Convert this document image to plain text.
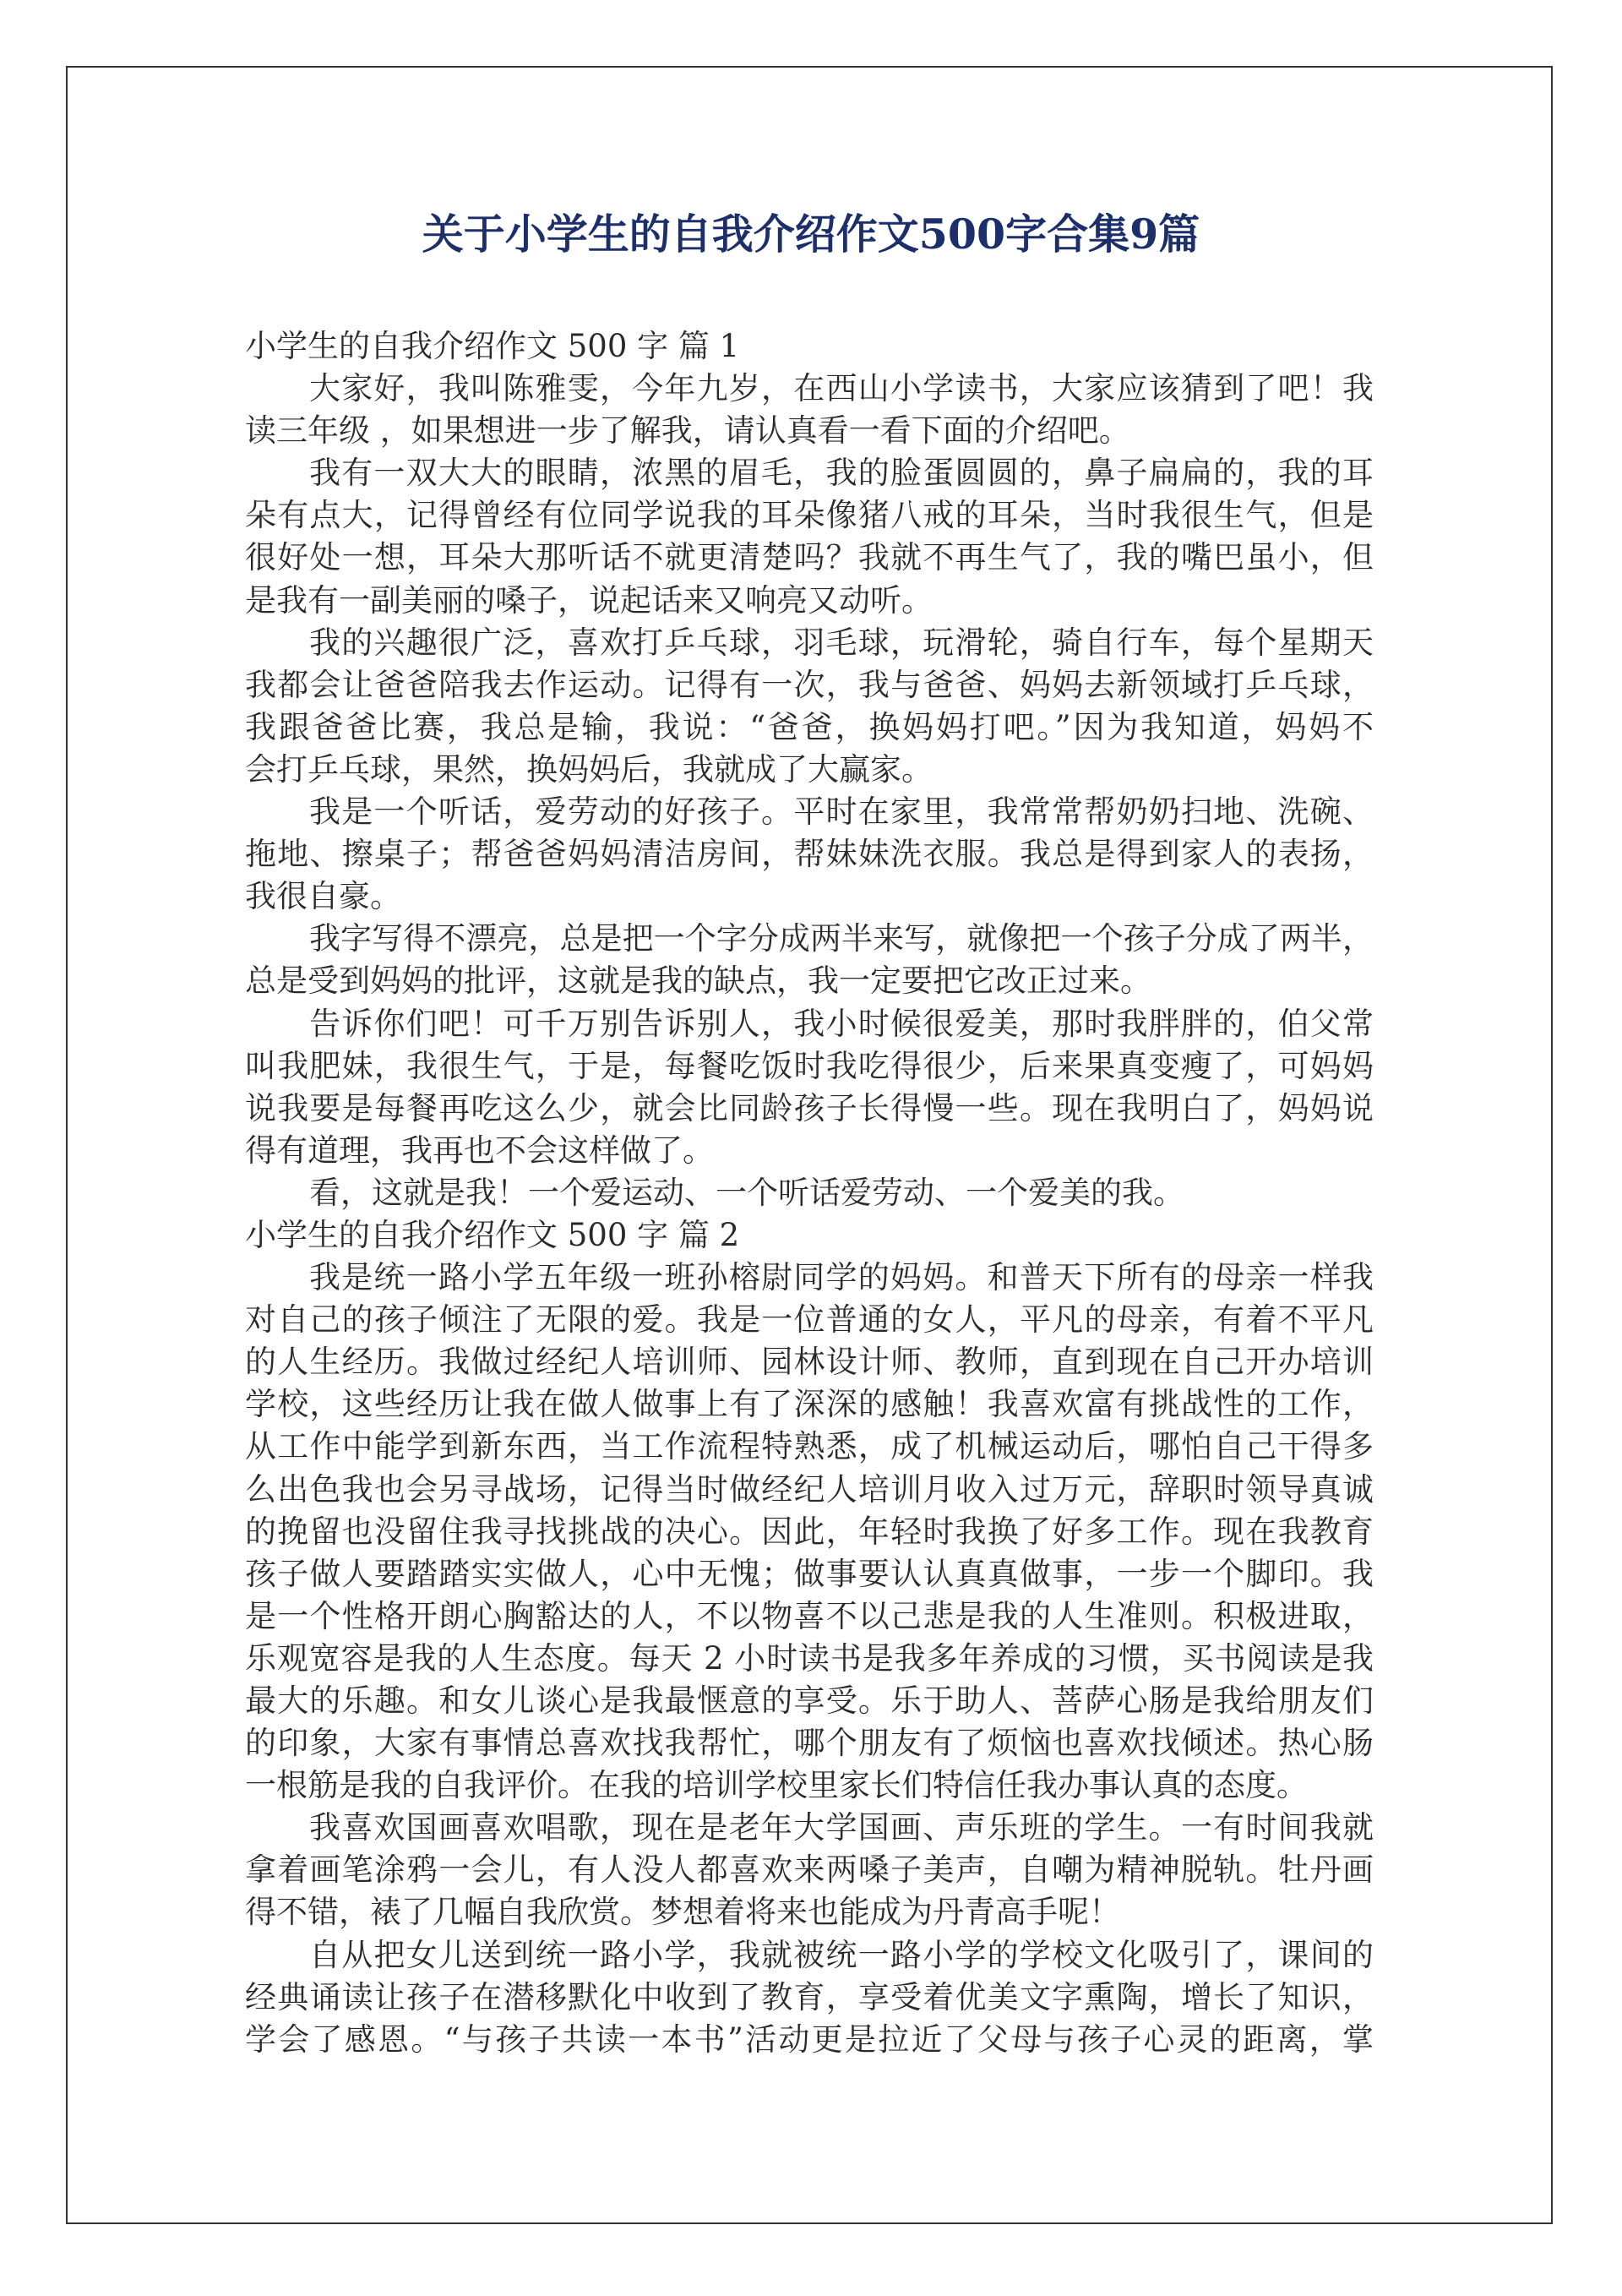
关于小学生的自我介绍作文500字合集9篇
小学生的自我介绍作文 500 字 篇 1
大家好，我叫陈雅雯，今年九岁，在西山小学读书，大家应该猜到了吧！我
读三年级 ，如果想进一步了解我，请认真看一看下面的介绍吧。
我有一双大大的眼睛，浓黑的眉毛，我的脸蛋圆圆的，鼻子扁扁的，我的耳
朵有点大，记得曾经有位同学说我的耳朵像猪八戒的耳朵，当时我很生气，但是
很好处一想，耳朵大那听话不就更清楚吗？我就不再生气了，我的嘴巴虽小，但
是我有一副美丽的嗓子，说起话来又响亮又动听。
我的兴趣很广泛，喜欢打乒乓球，羽毛球，玩滑轮，骑自行车，每个星期天
我都会让爸爸陪我去作运动。记得有一次，我与爸爸、妈妈去新领域打乒乓球，
我跟爸爸比赛，我总是输，我说：“爸爸，换妈妈打吧。”因为我知道，妈妈不
会打乒乓球，果然，换妈妈后，我就成了大赢家。
我是一个听话，爱劳动的好孩子。平时在家里，我常常帮奶奶扫地、洗碗、
拖地、擦桌子；帮爸爸妈妈清洁房间，帮妹妹洗衣服。我总是得到家人的表扬，
我很自豪。
我字写得不漂亮，总是把一个字分成两半来写，就像把一个孩子分成了两半，
总是受到妈妈的批评，这就是我的缺点，我一定要把它改正过来。
告诉你们吧！可千万别告诉别人，我小时候很爱美，那时我胖胖的，伯父常
叫我肥妹，我很生气，于是，每餐吃饭时我吃得很少，后来果真变瘦了，可妈妈
说我要是每餐再吃这么少，就会比同龄孩子长得慢一些。现在我明白了，妈妈说
得有道理，我再也不会这样做了。
看，这就是我！一个爱运动、一个听话爱劳动、一个爱美的我。
小学生的自我介绍作文 500 字 篇 2
我是统一路小学五年级一班孙榕尉同学的妈妈。和普天下所有的母亲一样我
对自己的孩子倾注了无限的爱。我是一位普通的女人，平凡的母亲，有着不平凡
的人生经历。我做过经纪人培训师、园林设计师、教师，直到现在自己开办培训
学校，这些经历让我在做人做事上有了深深的感触！我喜欢富有挑战性的工作，
从工作中能学到新东西，当工作流程特熟悉，成了机械运动后，哪怕自己干得多
么出色我也会另寻战场，记得当时做经纪人培训月收入过万元，辞职时领导真诚
的挽留也没留住我寻找挑战的决心。因此，年轻时我换了好多工作。现在我教育
孩子做人要踏踏实实做人，心中无愧；做事要认认真真做事，一步一个脚印。我
是一个性格开朗心胸豁达的人，不以物喜不以己悲是我的人生准则。积极进取，
乐观宽容是我的人生态度。每天 2 小时读书是我多年养成的习惯，买书阅读是我
最大的乐趣。和女儿谈心是我最惬意的享受。乐于助人、菩萨心肠是我给朋友们
的印象，大家有事情总喜欢找我帮忙，哪个朋友有了烦恼也喜欢找倾述。热心肠
一根筋是我的自我评价。在我的培训学校里家长们特信任我办事认真的态度。
我喜欢国画喜欢唱歌，现在是老年大学国画、声乐班的学生。一有时间我就
拿着画笔涂鸦一会儿，有人没人都喜欢来两嗓子美声，自嘲为精神脱轨。牡丹画
得不错，裱了几幅自我欣赏。梦想着将来也能成为丹青高手呢！
自从把女儿送到统一路小学，我就被统一路小学的学校文化吸引了，课间的
经典诵读让孩子在潜移默化中收到了教育，享受着优美文字熏陶，增长了知识，
学会了感恩。“与孩子共读一本书”活动更是拉近了父母与孩子心灵的距离，掌
